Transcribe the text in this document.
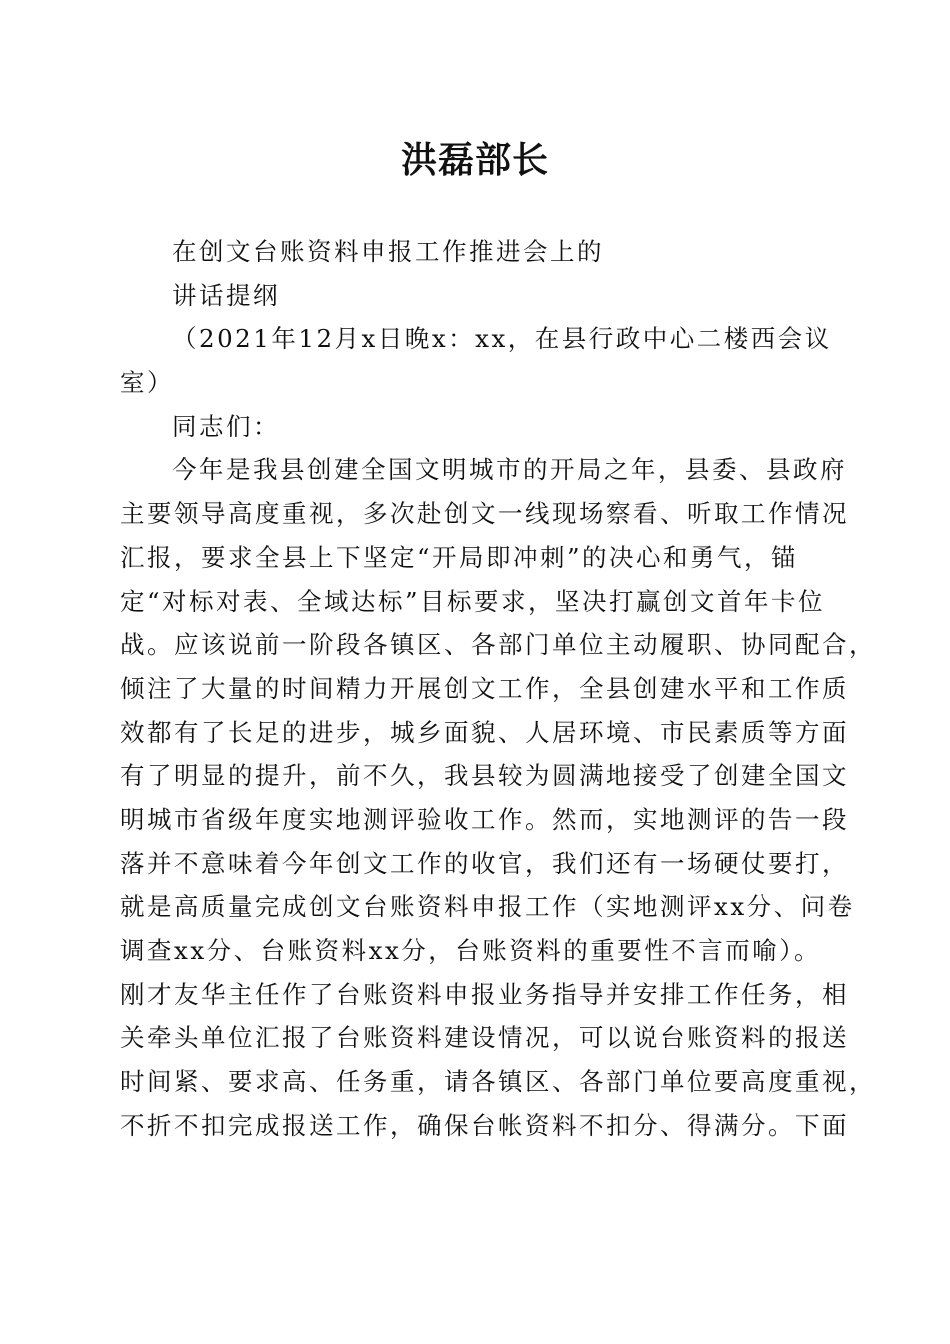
洪磊部长
在创文台账资料申报工作推进会上的
讲话提纲
（2021年12月x日晚x：xx，在县行政中心二楼西会议
室）
同志们：
今年是我县创建全国文明城市的开局之年，县委、县政府
主要领导高度重视，多次赴创文一线现场察看、听取工作情况
汇报，要求全县上下坚定“开局即冲刺”的决心和勇气，锚
定“对标对表、全域达标”目标要求，坚决打赢创文首年卡位
战。应该说前一阶段各镇区、各部门单位主动履职、协同配合，
倾注了大量的时间精力开展创文工作，全县创建水平和工作质
效都有了长足的进步，城乡面貌、人居环境、市民素质等方面
有了明显的提升，前不久，我县较为圆满地接受了创建全国文
明城市省级年度实地测评验收工作。然而，实地测评的告一段
落并不意味着今年创文工作的收官，我们还有一场硬仗要打，
就是高质量完成创文台账资料申报工作（实地测评xx分、问卷
调查xx分、台账资料xx分，台账资料的重要性不言而喻）。
刚才友华主任作了台账资料申报业务指导并安排工作任务，相
关牵头单位汇报了台账资料建设情况，可以说台账资料的报送
时间紧、要求高、任务重，请各镇区、各部门单位要高度重视，
不折不扣完成报送工作，确保台帐资料不扣分、得满分。下面
